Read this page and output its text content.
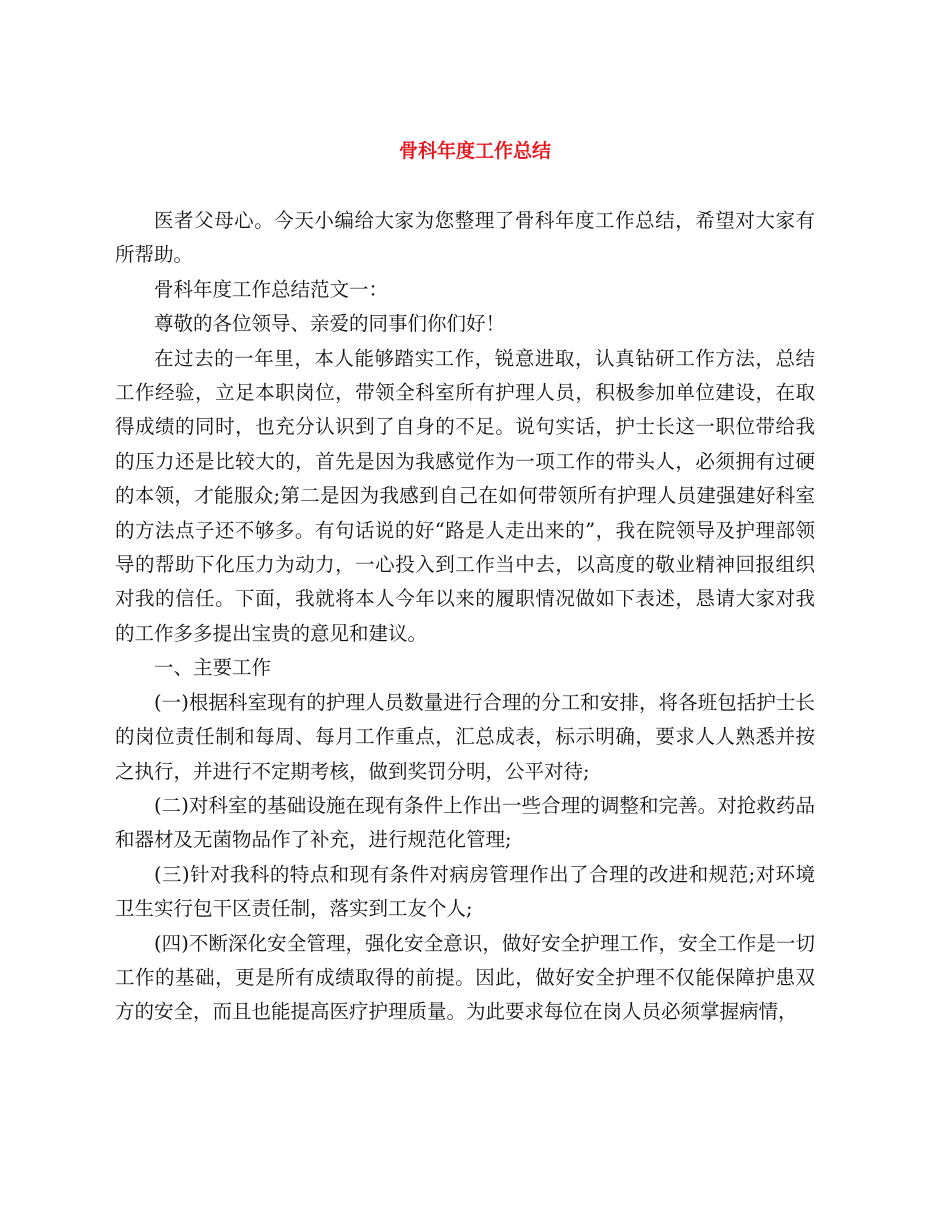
骨科年度工作总结

医者父母心。今天小编给大家为您整理了骨科年度工作总结，希望对大家有所帮助。

骨科年度工作总结范文一：

尊敬的各位领导、亲爱的同事们你们好！

在过去的一年里，本人能够踏实工作，锐意进取，认真钻研工作方法，总结工作经验，立足本职岗位，带领全科室所有护理人员，积极参加单位建设，在取得成绩的同时，也充分认识到了自身的不足。说句实话，护士长这一职位带给我的压力还是比较大的，首先是因为我感觉作为一项工作的带头人，必须拥有过硬的本领，才能服众;第二是因为我感到自己在如何带领所有护理人员建强建好科室的方法点子还不够多。有句话说的好“路是人走出来的”，我在院领导及护理部领导的帮助下化压力为动力，一心投入到工作当中去，以高度的敬业精神回报组织对我的信任。下面，我就将本人今年以来的履职情况做如下表述，恳请大家对我的工作多多提出宝贵的意见和建议。

一、主要工作

(一)根据科室现有的护理人员数量进行合理的分工和安排，将各班包括护士长的岗位责任制和每周、每月工作重点，汇总成表，标示明确，要求人人熟悉并按之执行，并进行不定期考核，做到奖罚分明，公平对待;

(二)对科室的基础设施在现有条件上作出一些合理的调整和完善。对抢救药品和器材及无菌物品作了补充，进行规范化管理;

(三)针对我科的特点和现有条件对病房管理作出了合理的改进和规范;对环境卫生实行包干区责任制，落实到工友个人;

(四)不断深化安全管理，强化安全意识，做好安全护理工作，安全工作是一切工作的基础，更是所有成绩取得的前提。因此，做好安全护理不仅能保障护患双方的安全，而且也能提高医疗护理质量。为此要求每位在岗人员必须掌握病情，
